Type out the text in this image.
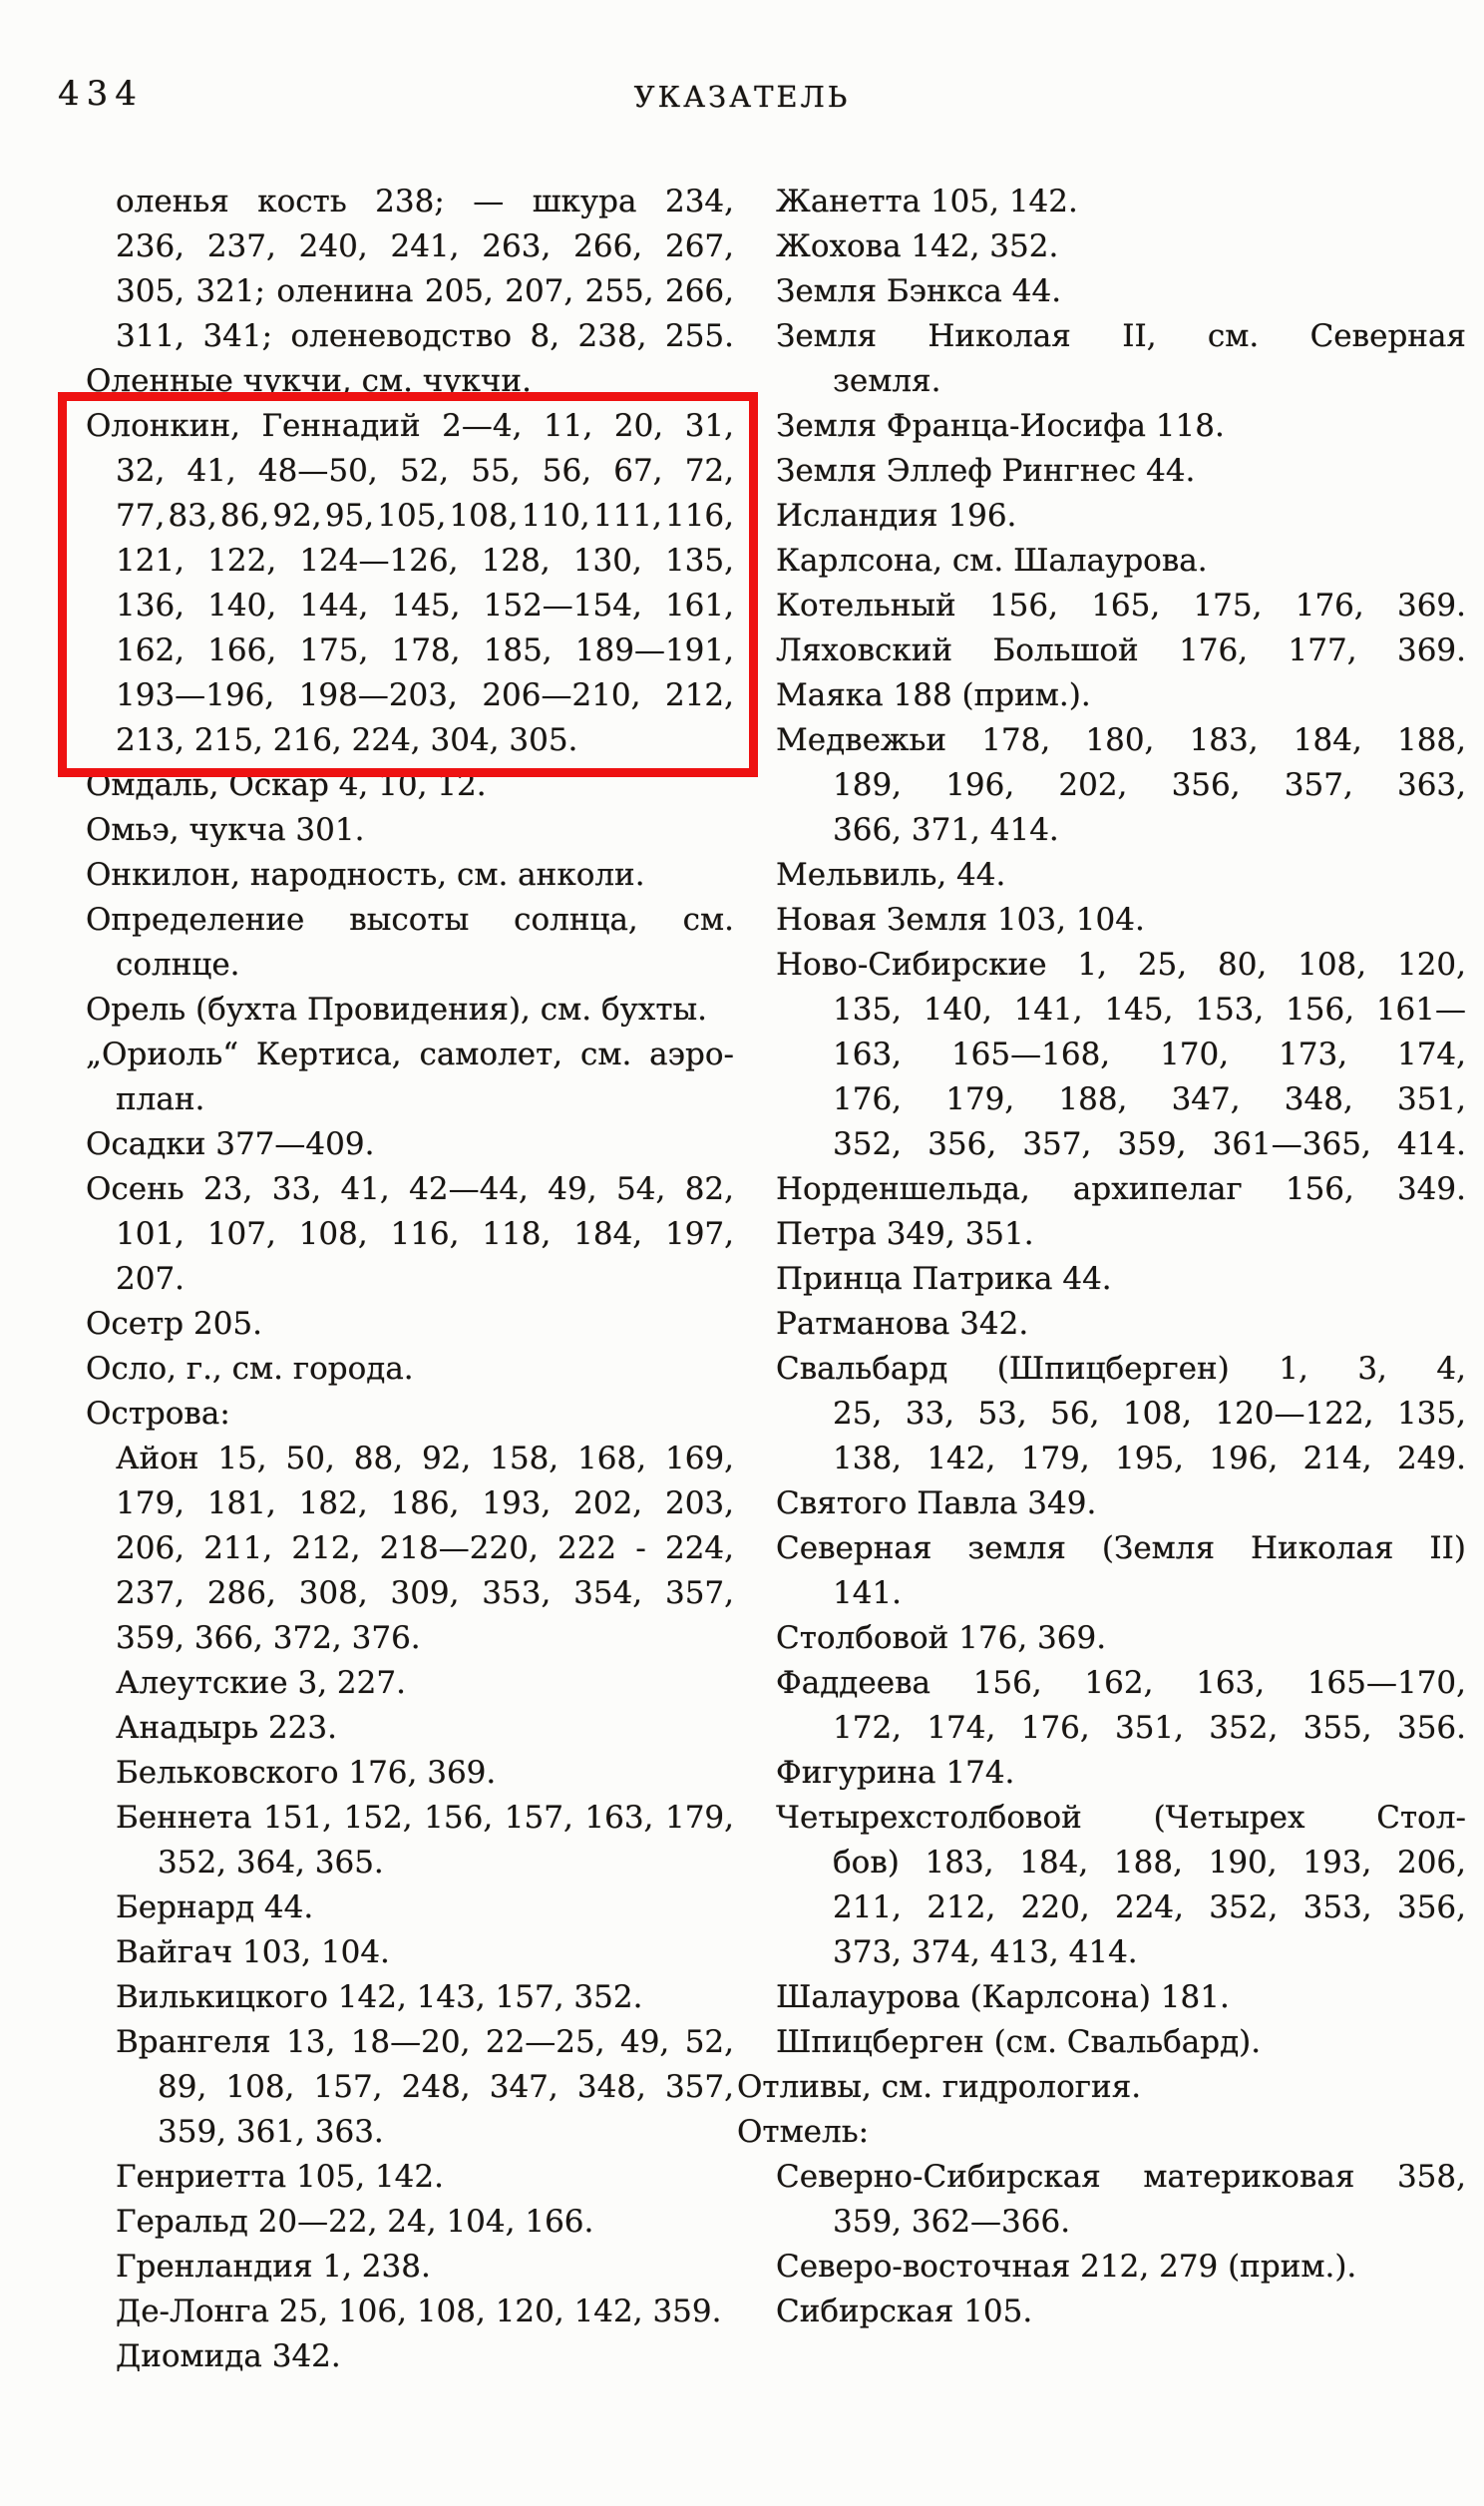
434	УКАЗАТЕЛЬ
оленья кость 238; — шкура 234,
236, 237, 240, 241, 263, 266, 267,
305, 321; оленина 205, 207, 255, 266,
311, 341; оленеводство 8, 238, 255.
Оленные чукчи, см. чукчи.
Олонкин, Геннадий 2—4, 11, 20, 31,
32, 41, 48—50, 52, 55, 56, 67, 72,
77, 83, 86, 92, 95, 105, 108, 110, 111, 116,
121, 122, 124—126, 128, 130, 135,
136, 140, 144, 145, 152—154, 161,
162, 166, 175, 178, 185, 189—191,
193—196, 198—203, 206—210, 212,
213, 215, 216, 224, 304, 305.
Омдаль, Оскар 4, 10, 12.
Омьэ, чукча 301.
Онкилон, народность, см. анколи.
Определение высоты солнца, см.
солнце.
Орель (бухта Провидения), см. бухты.
„Ориоль“ Кертиса, самолет, см. аэро-
план.
Осадки 377—409.
Осень 23, 33, 41, 42—44, 49, 54, 82,
101, 107, 108, 116, 118, 184, 197, 207.
Осетр 205.
Осло, г., см. города.
Острова:
Айон 15, 50, 88, 92, 158, 168, 169,
179, 181, 182, 186, 193, 202, 203,
206, 211, 212, 218—220, 222 - 224,
237, 286, 308, 309, 353, 354, 357,
359, 366, 372, 376.
Алеутские 3, 227.
Анадырь 223.
Бельковского 176, 369.
Беннета 151, 152, 156, 157, 163, 179,
352, 364, 365.
Бернард 44.
Вайгач 103, 104.
Вилькицкого 142, 143, 157, 352.
Врангеля 13, 18—20, 22—25, 49, 52,
89, 108, 157, 248, 347, 348, 357,
359, 361, 363.
Генриетта 105, 142.
Геральд 20—22, 24, 104, 166.
Гренландия 1, 238.
Де-Лонга 25, 106, 108, 120, 142, 359.
Диомида 342.
Жанетта 105, 142.
Жохова 142, 352.
Земля Бэнкса 44.
Земля Николая II, см. Северная
земля.
Земля Франца-Иосифа 118.
Земля Эллеф Рингнес 44.
Исландия 196.
Карлсона, см. Шалаурова.
Котельный 156, 165, 175, 176, 369.
Ляховский Большой 176, 177, 369.
Маяка 188 (прим.).
Медвежьи 178, 180, 183, 184, 188,
189, 196, 202, 356, 357, 363,
366, 371, 414.
Мельвиль, 44.
Новая Земля 103, 104.
Ново-Сибирские 1, 25, 80, 108, 120,
135, 140, 141, 145, 153, 156, 161—
163, 165—168, 170, 173, 174,
176, 179, 188, 347, 348, 351,
352, 356, 357, 359, 361—365, 414.
Норденшельда, архипелаг 156, 349.
Петра 349, 351.
Принца Патрика 44.
Ратманова 342.
Свальбард (Шпицберген) 1, 3, 4,
25, 33, 53, 56, 108, 120—122, 135,
138, 142, 179, 195, 196, 214, 249.
Святого Павла 349.
Северная земля (Земля Николая II)
141.
Столбовой 176, 369.
Фаддеева 156, 162, 163, 165—170,
172, 174, 176, 351, 352, 355, 356.
Фигурина 174.
Четырехстолбовой (Четырех Стол-
бов) 183, 184, 188, 190, 193, 206,
211, 212, 220, 224, 352, 353, 356,
373, 374, 413, 414.
Шалаурова (Карлсона) 181.
Шпицберген (см. Свальбард).
Отливы, см. гидрология.
Отмель:
Северно-Сибирская материковая 358,
359, 362—366.
Северо-восточная 212, 279 (прим.).
Сибирская 105.
